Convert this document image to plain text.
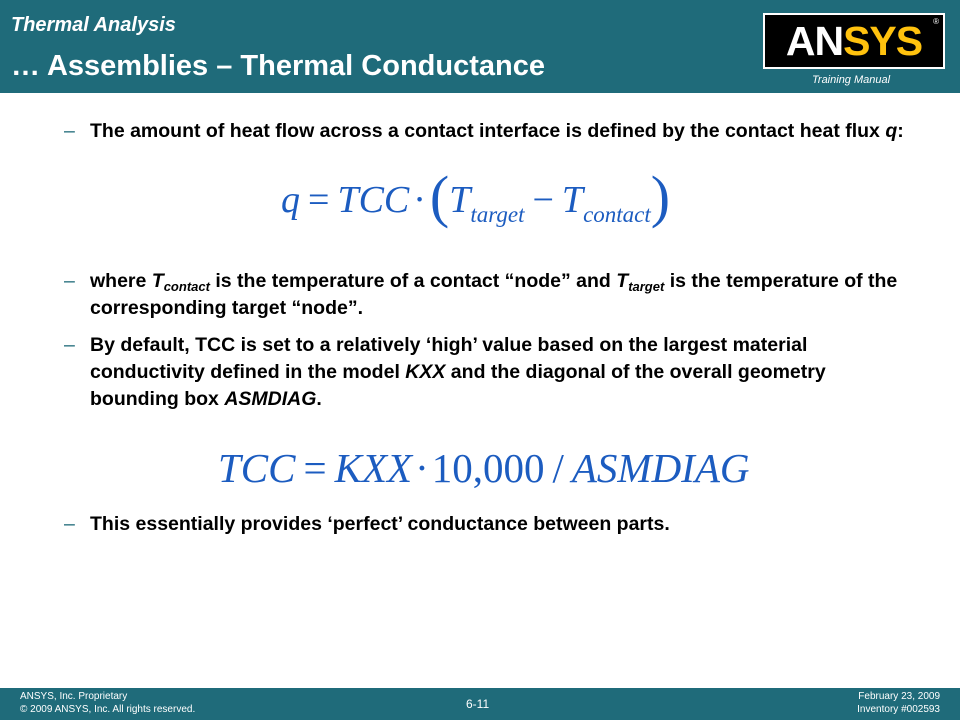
Thermal Analysis
… Assemblies – Thermal Conductance
ANSYS	®
Training Manual
– The amount of heat flow across a contact interface is defined by the contact heat flux q:
q = TCC $\cdot(T_{target} - T_{contact})$
– where $T_{contact}$ is the temperature of a contact “node” and $T_{target}$ is the temperature of the corresponding target “node”.
– By default, TCC is set to a relatively ‘high’ value based on the largest material conductivity defined in the model KXX and the diagonal of the overall geometry bounding box ASMDIAG.
TCC = KXX·10,000 / ASMDIAG
– This essentially provides ‘perfect’ conductance between parts.
ANSYS, Inc. Proprietary
© 2009 ANSYS, Inc. All rights reserved.	6-11
February 23, 2009
Inventory #002593
